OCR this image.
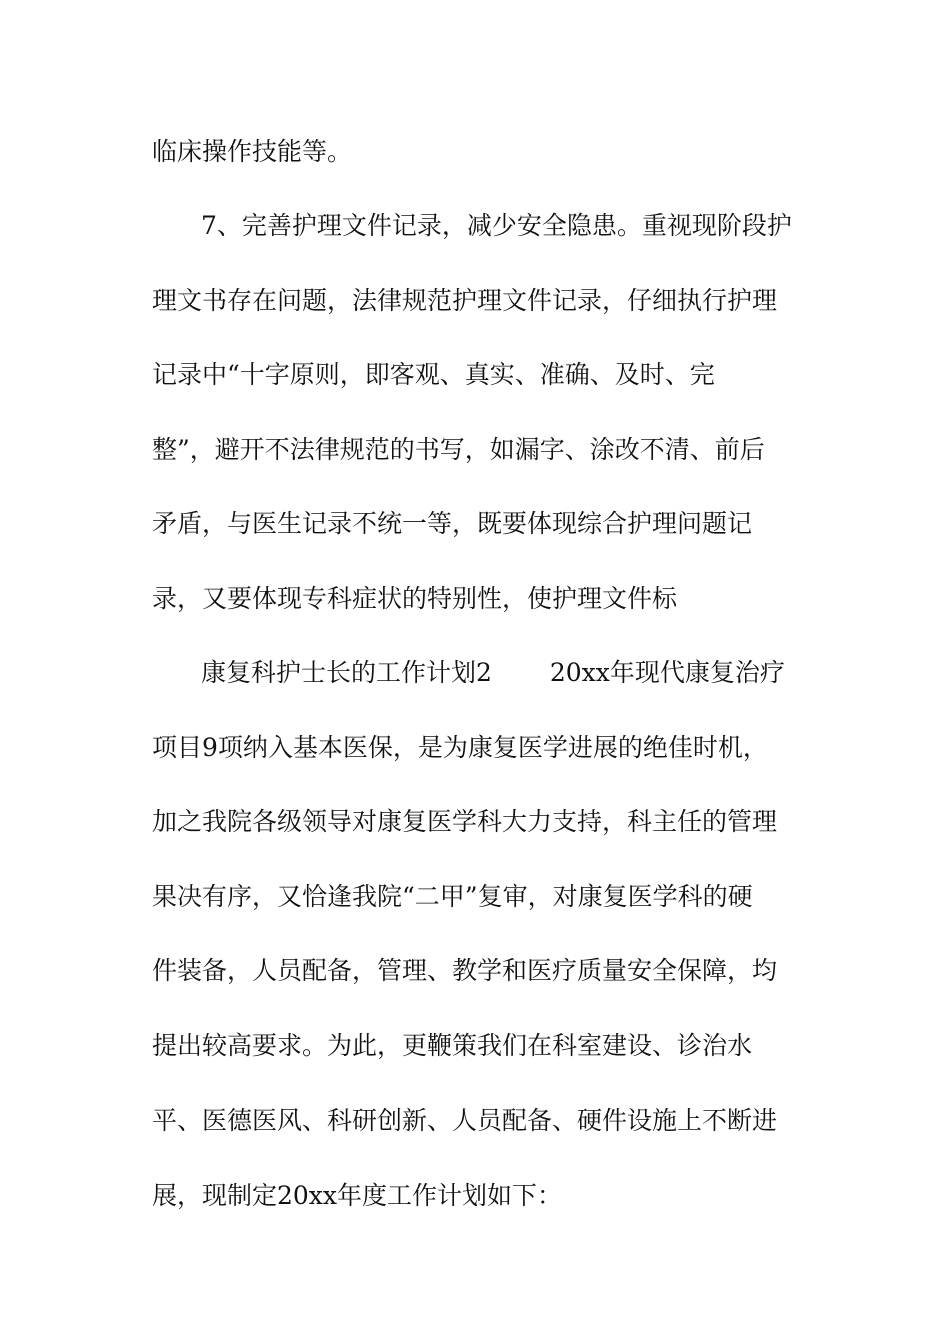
临床操作技能等。
7、完善护理文件记录，减少安全隐患。重视现阶段护
理文书存在问题，法律规范护理文件记录，仔细执行护理
记录中“十字原则，即客观、真实、准确、及时、完
整”，避开不法律规范的书写，如漏字、涂改不清、前后
矛盾，与医生记录不统一等，既要体现综合护理问题记
录，又要体现专科症状的特别性，使护理文件标
康复科护士长的工作计划2　　 20xx年现代康复治疗
项目9项纳入基本医保，是为康复医学进展的绝佳时机，
加之我院各级领导对康复医学科大力支持，科主任的管理
果决有序，又恰逢我院“二甲”复审，对康复医学科的硬
件装备，人员配备，管理、教学和医疗质量安全保障，均
提出较高要求。为此，更鞭策我们在科室建设、诊治水
平、医德医风、科研创新、人员配备、硬件设施上不断进
展，现制定20xx年度工作计划如下：
